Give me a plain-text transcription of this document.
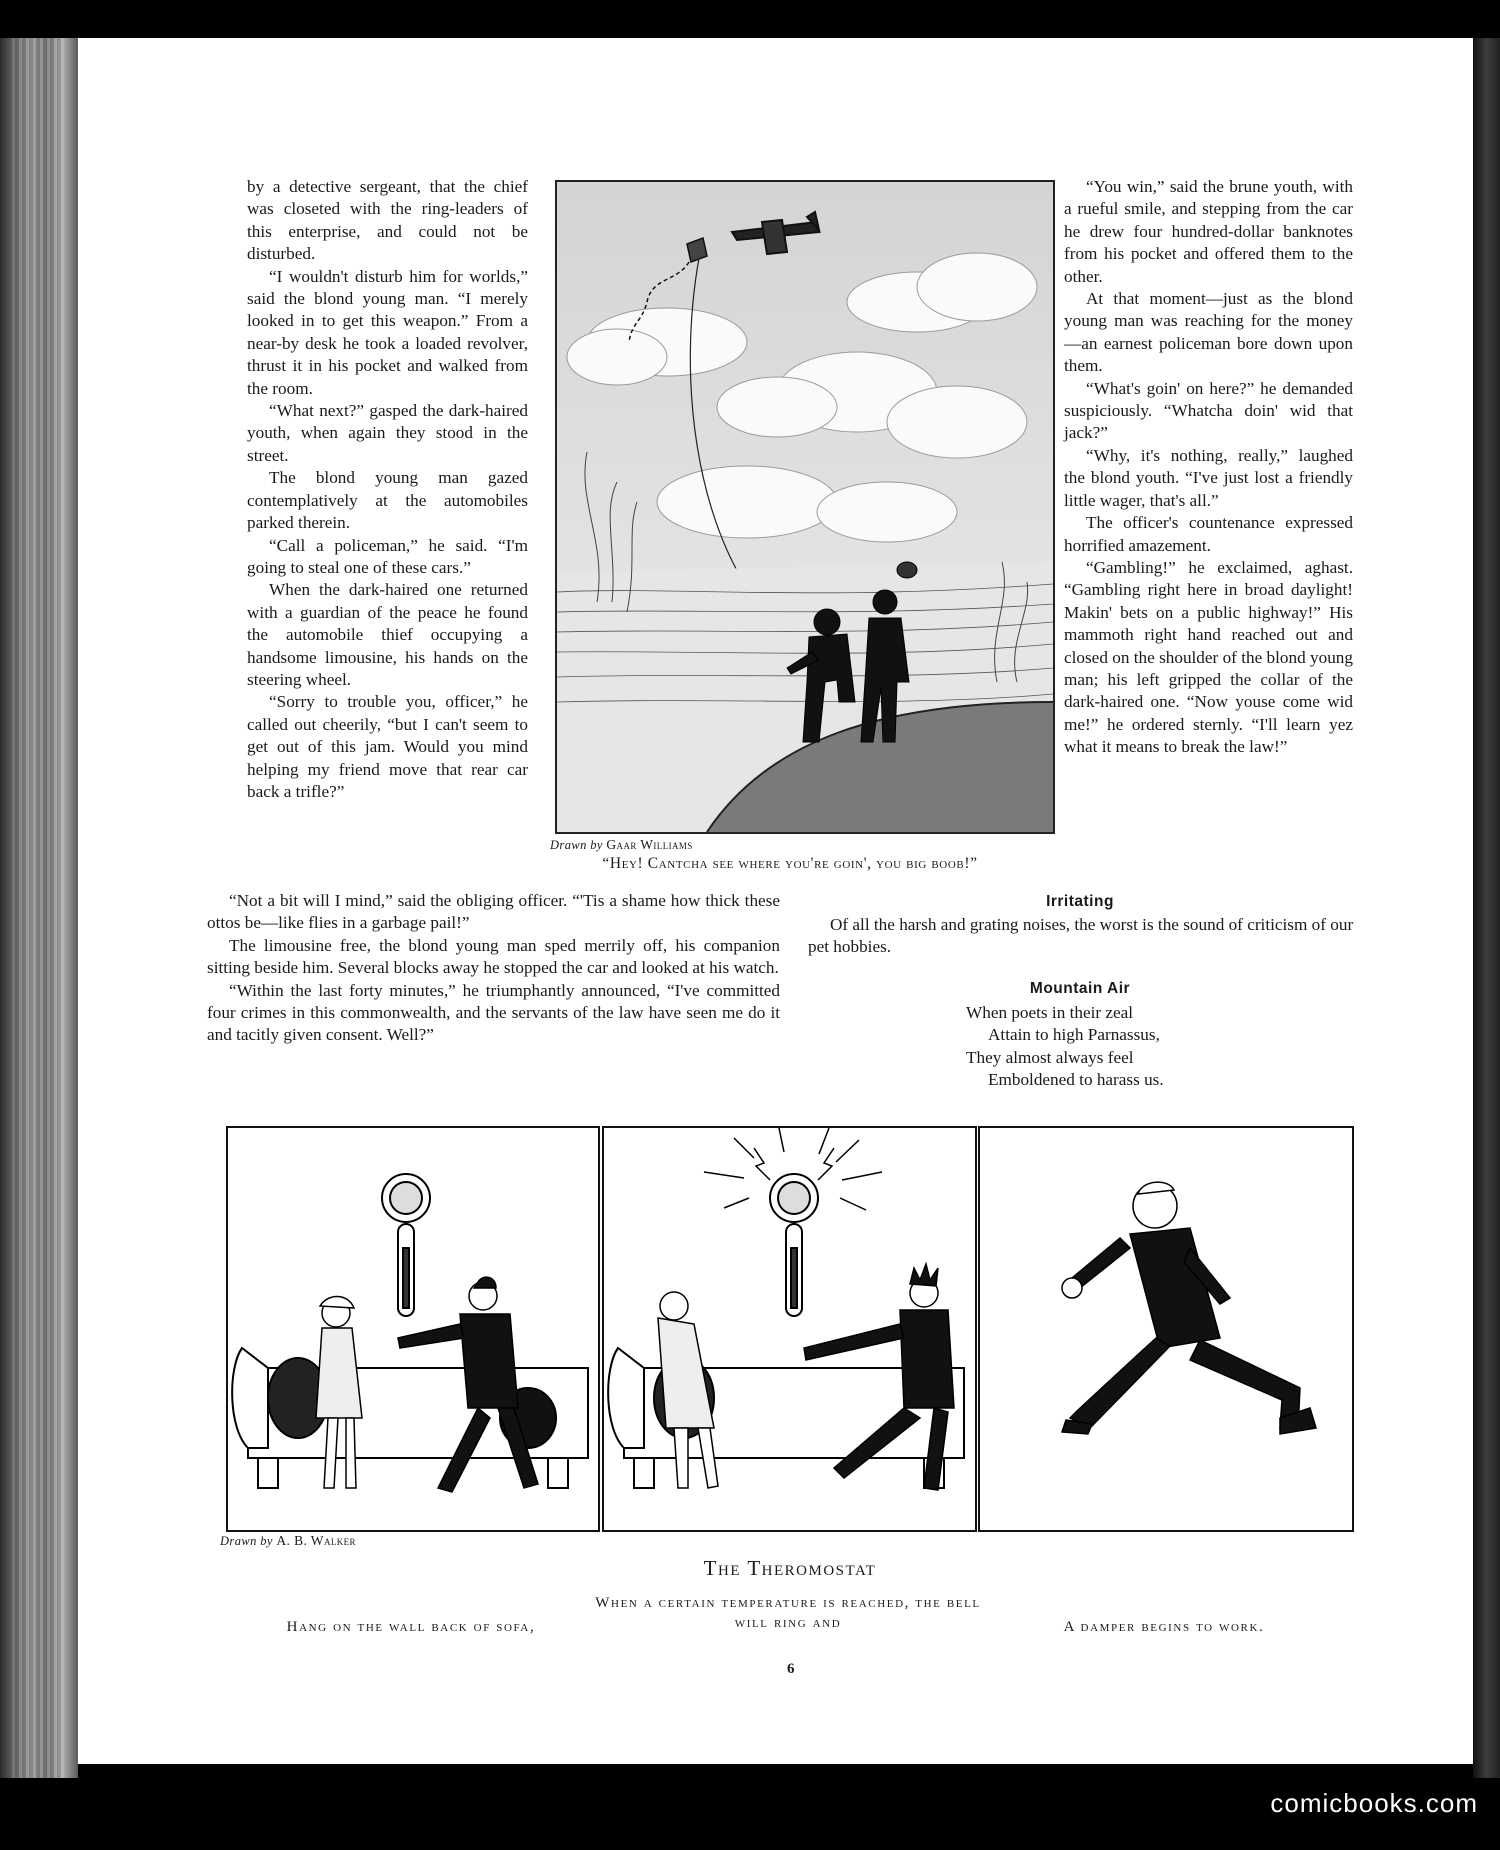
by a detective sergeant, that the chief was closeted with the ring-leaders of this enterprise, and could not be disturbed.

“I wouldn't disturb him for worlds,” said the blond young man. “I merely looked in to get this weapon.” From a near-by desk he took a loaded revolver, thrust it in his pocket and walked from the room.

“What next?” gasped the dark-haired youth, when again they stood in the street.

The blond young man gazed contemplatively at the automobiles parked therein.

“Call a policeman,” he said. “I'm going to steal one of these cars.”

When the dark-haired one returned with a guardian of the peace he found the automobile thief occupying a handsome limousine, his hands on the steering wheel.

“Sorry to trouble you, officer,” he called out cheerily, “but I can't seem to get out of this jam. Would you mind helping my friend move that rear car back a trifle?”

Drawn by Gaar Williams
“Hey! Cantcha see where you're goin', you big boob!”

“You win,” said the brune youth, with a rueful smile, and stepping from the car he drew four hundred-dollar banknotes from his pocket and offered them to the other.

At that moment—just as the blond young man was reaching for the money—an earnest policeman bore down upon them.

“What's goin' on here?” he demanded suspiciously. “Whatcha doin' wid that jack?”

“Why, it's nothing, really,” laughed the blond youth. “I've just lost a friendly little wager, that's all.”

The officer's countenance expressed horrified amazement.

“Gambling!” he exclaimed, aghast. “Gambling right here in broad daylight! Makin' bets on a public highway!” His mammoth right hand reached out and closed on the shoulder of the blond young man; his left gripped the collar of the dark-haired one. “Now youse come wid me!” he ordered sternly. “I'll learn yez what it means to break the law!”

“Not a bit will I mind,” said the obliging officer. “'Tis a shame how thick these ottos be—like flies in a garbage pail!”

The limousine free, the blond young man sped merrily off, his companion sitting beside him. Several blocks away he stopped the car and looked at his watch.

“Within the last forty minutes,” he triumphantly announced, “I've committed four crimes in this commonwealth, and the servants of the law have seen me do it and tacitly given consent. Well?”

Irritating
Of all the harsh and grating noises, the worst is the sound of criticism of our pet hobbies.
Mountain Air
When poets in their zeal
Attain to high Parnassus,
They almost always feel
Emboldened to harass us.
Drawn by A. B. Walker
The Theromostat
Hang on the wall back of sofa,
When a certain temperature is reached, the bell will ring and	A damper begins to work.
6
comicbooks.com
